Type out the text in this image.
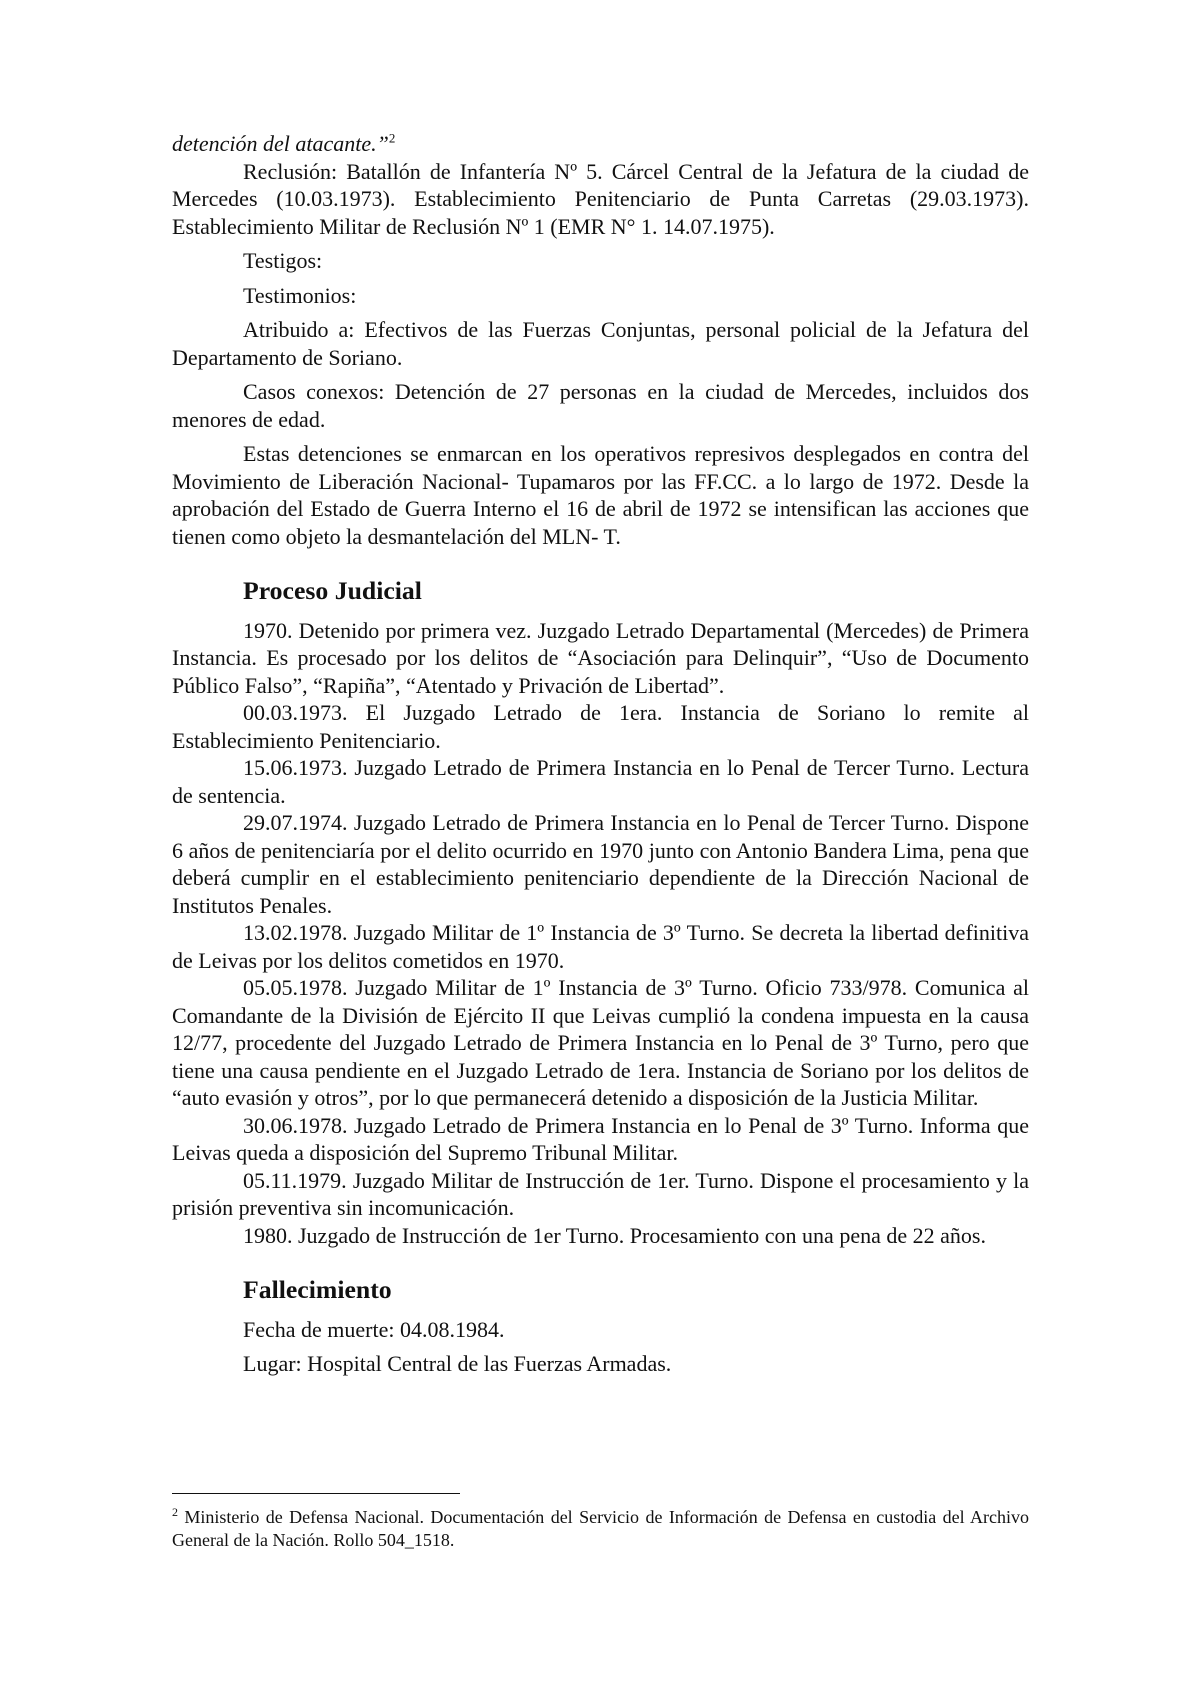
detención del atacante.”$^2$

Reclusión: Batallón de Infantería Nº 5. Cárcel Central de la Jefatura de la ciudad de Mercedes (10.03.1973). Establecimiento Penitenciario de Punta Carretas (29.03.1973). Establecimiento Militar de Reclusión Nº 1 (EMR N° 1. 14.07.1975).

Testigos:

Testimonios:

Atribuido a: Efectivos de las Fuerzas Conjuntas, personal policial de la Jefatura del Departamento de Soriano.

Casos conexos: Detención de 27 personas en la ciudad de Mercedes, incluidos dos menores de edad.

Estas detenciones se enmarcan en los operativos represivos desplegados en contra del Movimiento de Liberación Nacional- Tupamaros por las FF.CC. a lo largo de 1972. Desde la aprobación del Estado de Guerra Interno el 16 de abril de 1972 se intensifican las acciones que tienen como objeto la desmantelación del MLN- T.

Proceso Judicial

1970. Detenido por primera vez. Juzgado Letrado Departamental (Mercedes) de Primera Instancia. Es procesado por los delitos de “Asociación para Delinquir”, “Uso de Documento Público Falso”, “Rapiña”, “Atentado y Privación de Libertad”.

00.03.1973. El Juzgado Letrado de 1era. Instancia de Soriano lo remite al Establecimiento Penitenciario.

15.06.1973. Juzgado Letrado de Primera Instancia en lo Penal de Tercer Turno. Lectura de sentencia.

29.07.1974. Juzgado Letrado de Primera Instancia en lo Penal de Tercer Turno. Dispone 6 años de penitenciaría por el delito ocurrido en 1970 junto con Antonio Bandera Lima, pena que deberá cumplir en el establecimiento penitenciario dependiente de la Dirección Nacional de Institutos Penales.

13.02.1978. Juzgado Militar de 1º Instancia de 3º Turno. Se decreta la libertad definitiva de Leivas por los delitos cometidos en 1970.

05.05.1978. Juzgado Militar de 1º Instancia de 3º Turno. Oficio 733/978. Comunica al Comandante de la División de Ejército II que Leivas cumplió la condena impuesta en la causa 12/77, procedente del Juzgado Letrado de Primera Instancia en lo Penal de 3º Turno, pero que tiene una causa pendiente en el Juzgado Letrado de 1era. Instancia de Soriano por los delitos de “auto evasión y otros”, por lo que permanecerá detenido a disposición de la Justicia Militar.

30.06.1978. Juzgado Letrado de Primera Instancia en lo Penal de 3º Turno. Informa que Leivas queda a disposición del Supremo Tribunal Militar.

05.11.1979. Juzgado Militar de Instrucción de 1er. Turno. Dispone el procesamiento y la prisión preventiva sin incomunicación.

1980. Juzgado de Instrucción de 1er Turno. Procesamiento con una pena de 22 años.

Fallecimiento

Fecha de muerte: 04.08.1984.

Lugar: Hospital Central de las Fuerzas Armadas.

$^2$ Ministerio de Defensa Nacional. Documentación del Servicio de Información de Defensa en custodia del Archivo General de la Nación. Rollo 504_1518.
